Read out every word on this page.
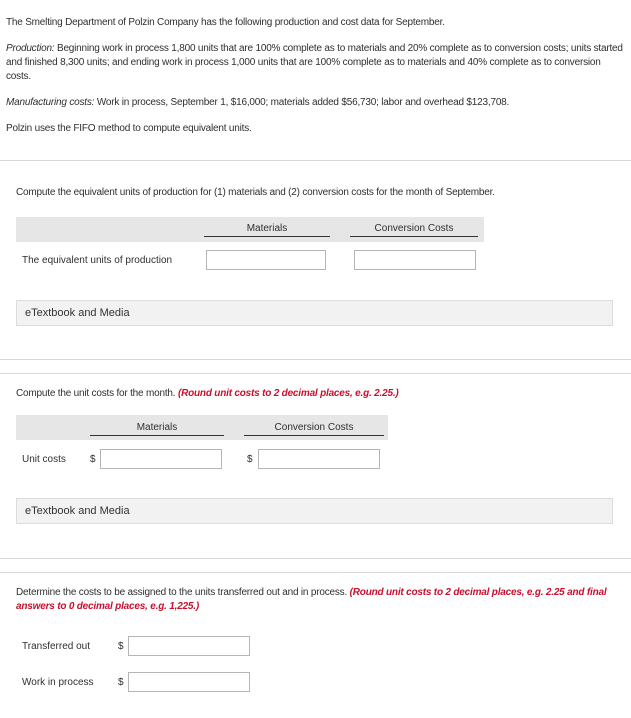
The Smelting Department of Polzin Company has the following production and cost data for September.

Production: Beginning work in process 1,800 units that are 100% complete as to materials and 20% complete as to conversion costs; units started and finished 8,300 units; and ending work in process 1,000 units that are 100% complete as to materials and 40% complete as to conversion costs.

Manufacturing costs: Work in process, September 1, $16,000; materials added $56,730; labor and overhead $123,708.

Polzin uses the FIFO method to compute equivalent units.

Compute the equivalent units of production for (1) materials and (2) conversion costs for the month of September.
Materials	Conversion Costs
The equivalent units of production
eTextbook and Media
Compute the unit costs for the month. (Round unit costs to 2 decimal places, e.g. 2.25.)
Materials	Conversion Costs
Unit costs $	$
eTextbook and Media
Determine the costs to be assigned to the units transferred out and in process. (Round unit costs to 2 decimal places, e.g. 2.25 and final answers to 0 decimal places, e.g. 1,225.)
Transferred out	$
Work in process $
